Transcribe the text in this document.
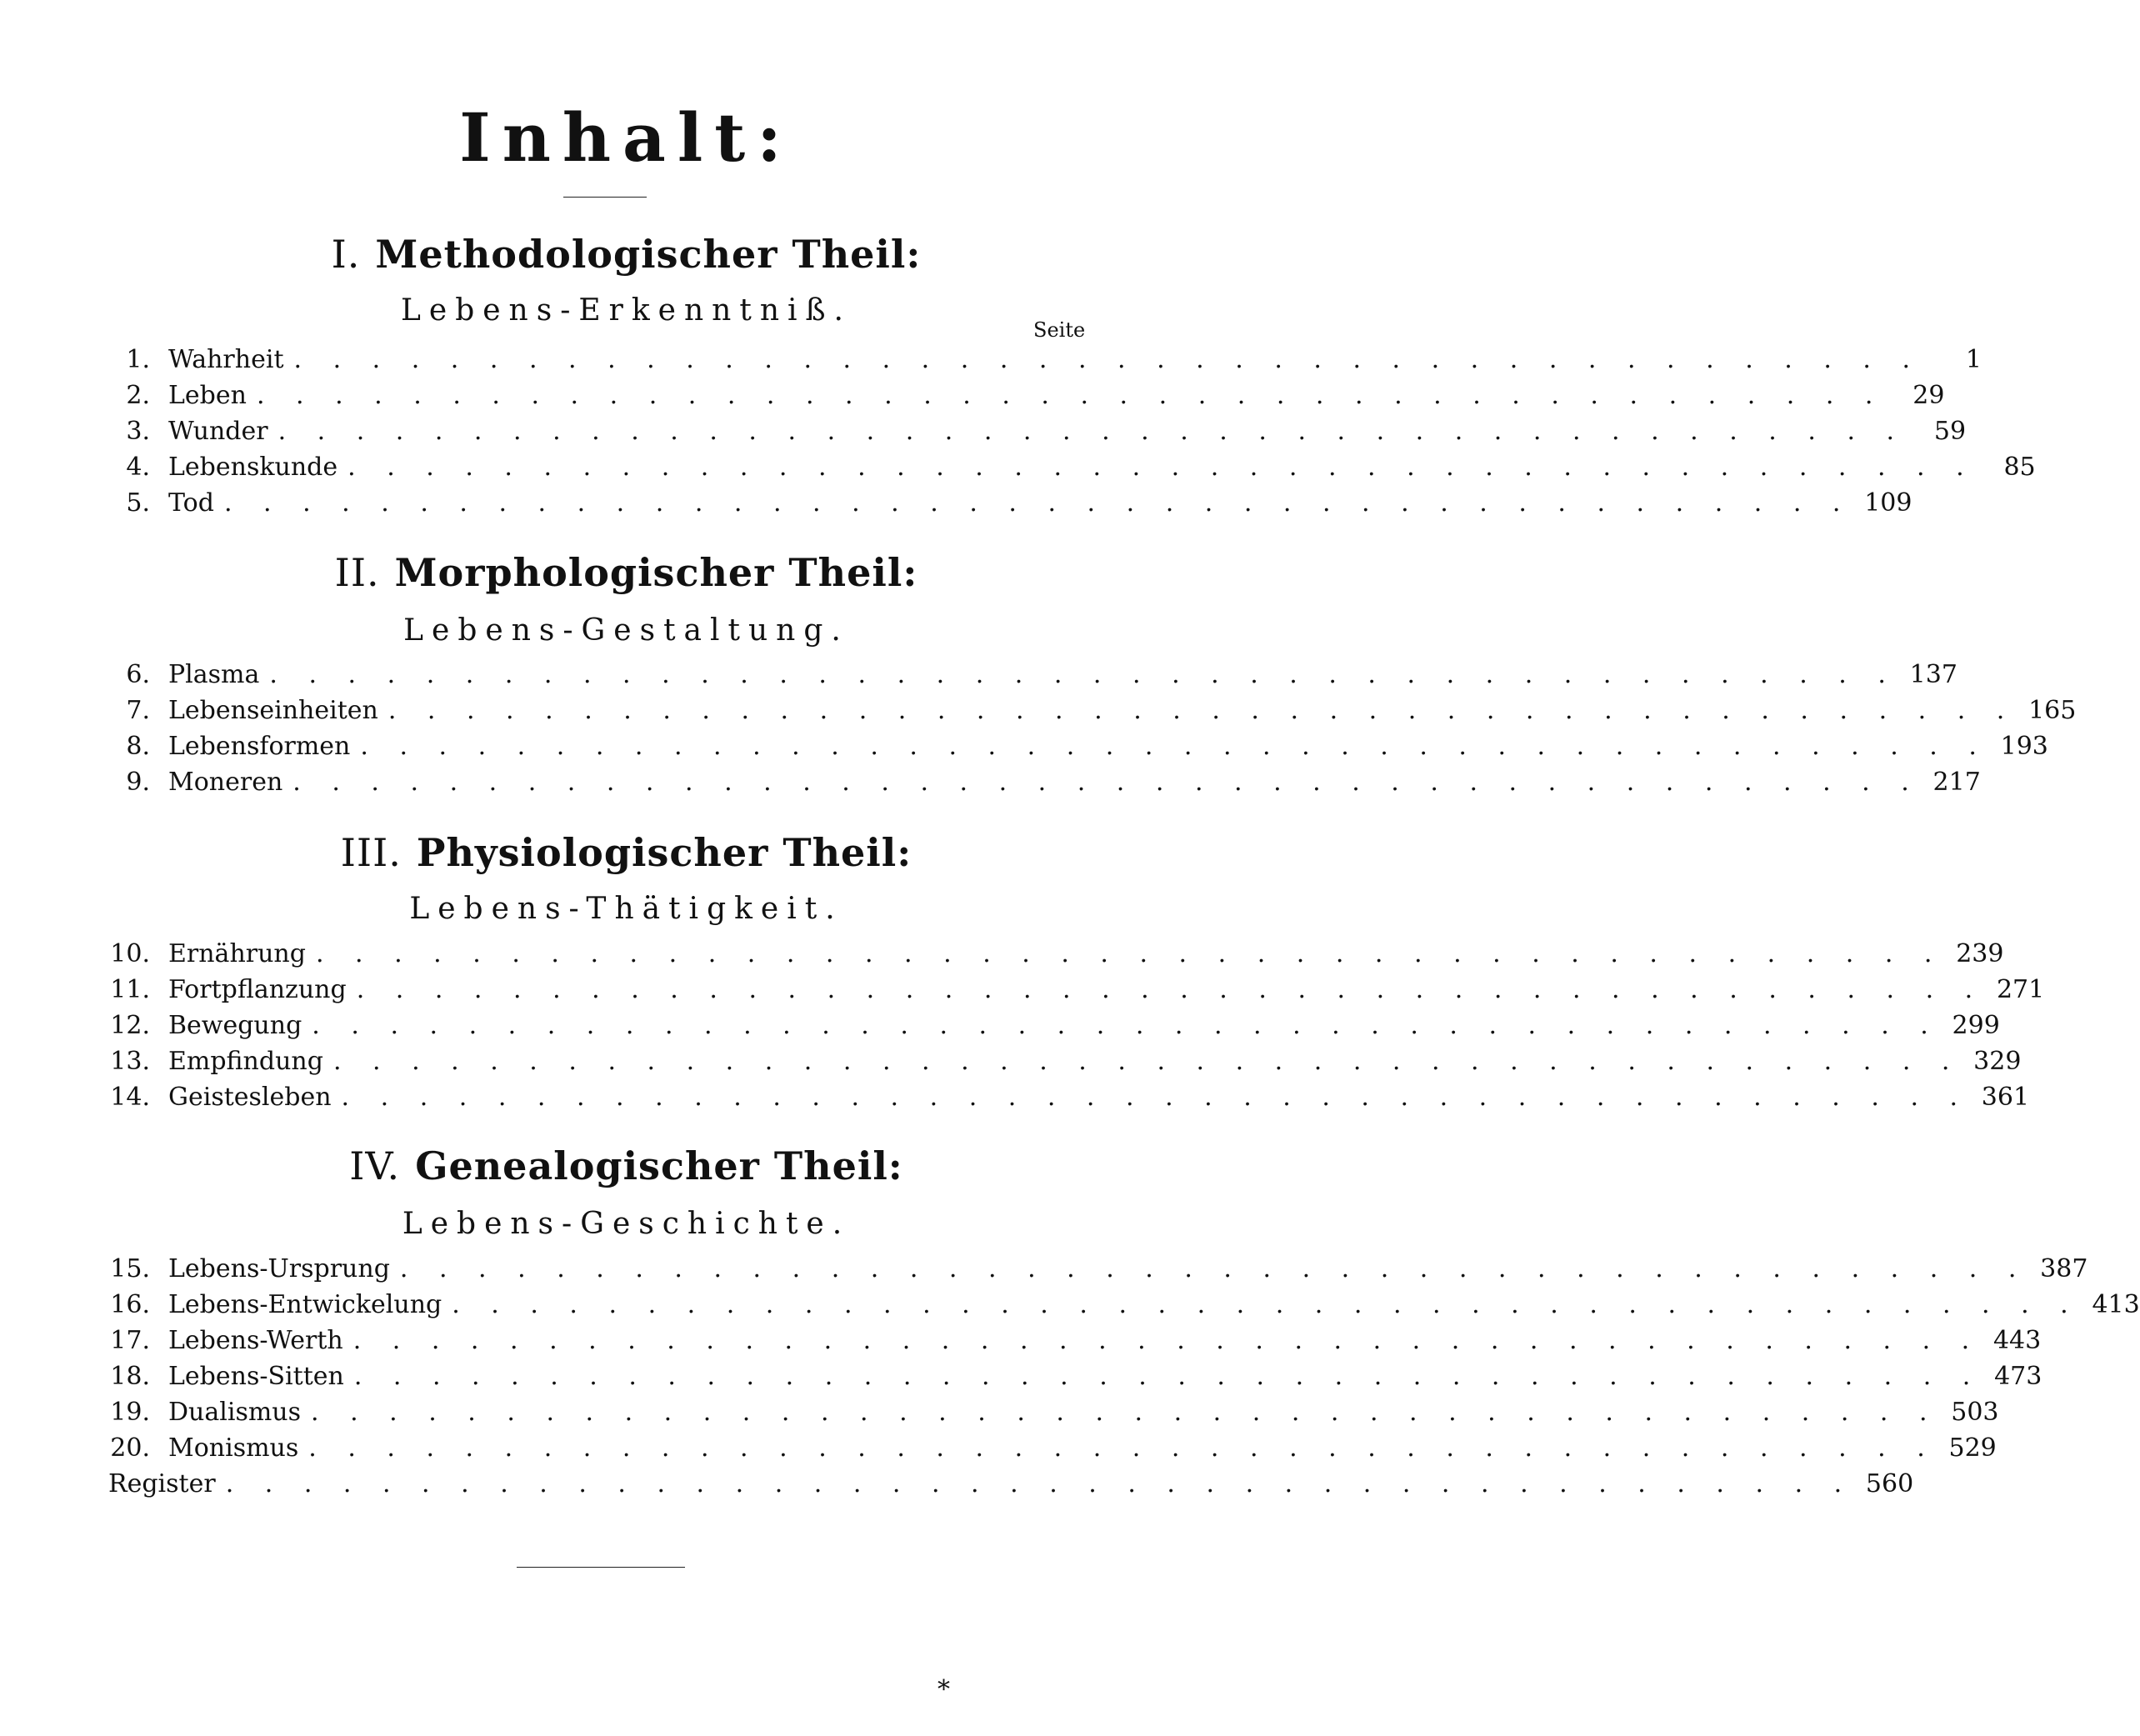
Inhalt:
I. Methodologischer Theil:
Lebens-Erkenntniß.
Seite
1. Wahrheit . . . . . . . . . . . . . . . . . . . . . . . . . . . . . . . . . . . . . . . . . .	1
2. Leben . . . . . . . . . . . . . . . . . . . . . . . . . . . . . . . . . . . . . . . . . .	29
3. Wunder . . . . . . . . . . . . . . . . . . . . . . . . . . . . . . . . . . . . . . . . . .	59
4. Lebenskunde . . . . . . . . . . . . . . . . . . . . . . . . . . . . . . . . . . . . . . . . . .	85
5. Tod . . . . . . . . . . . . . . . . . . . . . . . . . . . . . . . . . . . . . . . . . . 109
II. Morphologischer Theil:
Lebens-Gestaltung.
6. Plasma . . . . . . . . . . . . . . . . . . . . . . . . . . . . . . . . . . . . . . . . . . 137
7. Lebenseinheiten . . . . . . . . . . . . . . . . . . . . . . . . . . . . . . . . . . . . . . . . . . 165
8. Lebensformen . . . . . . . . . . . . . . . . . . . . . . . . . . . . . . . . . . . . . . . . . . 193
9. Moneren . . . . . . . . . . . . . . . . . . . . . . . . . . . . . . . . . . . . . . . . . . 217
III. Physiologischer Theil:
Lebens-Thätigkeit.
10. Ernährung . . . . . . . . . . . . . . . . . . . . . . . . . . . . . . . . . . . . . . . . . . 239
11. Fortpflanzung . . . . . . . . . . . . . . . . . . . . . . . . . . . . . . . . . . . . . . . . . . 271
12. Bewegung . . . . . . . . . . . . . . . . . . . . . . . . . . . . . . . . . . . . . . . . . . 299
13. Empfindung . . . . . . . . . . . . . . . . . . . . . . . . . . . . . . . . . . . . . . . . . . 329
14. Geistesleben . . . . . . . . . . . . . . . . . . . . . . . . . . . . . . . . . . . . . . . . . . 361
IV. Genealogischer Theil:
Lebens-Geschichte.
15. Lebens-Ursprung . . . . . . . . . . . . . . . . . . . . . . . . . . . . . . . . . . . . . . . . . . 387
16. Lebens-Entwickelung . . . . . . . . . . . . . . . . . . . . . . . . . . . . . . . . . . . . . . . . . . 413
17. Lebens-Werth . . . . . . . . . . . . . . . . . . . . . . . . . . . . . . . . . . . . . . . . . . 443
18. Lebens-Sitten . . . . . . . . . . . . . . . . . . . . . . . . . . . . . . . . . . . . . . . . . . 473
19. Dualismus . . . . . . . . . . . . . . . . . . . . . . . . . . . . . . . . . . . . . . . . . . 503
20. Monismus . . . . . . . . . . . . . . . . . . . . . . . . . . . . . . . . . . . . . . . . . . 529
Register . . . . . . . . . . . . . . . . . . . . . . . . . . . . . . . . . . . . . . . . . . 560
*
